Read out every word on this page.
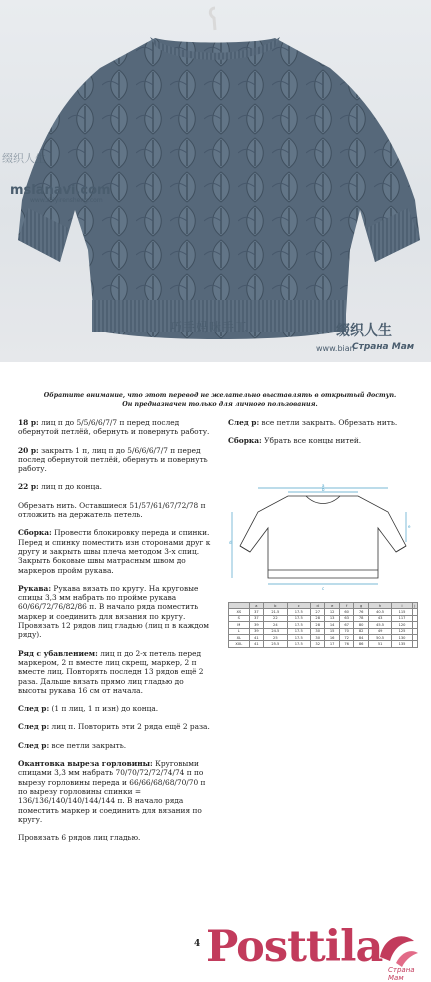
缀织人生
mslanavi.com
www.zhiyirensheng.com
巧手妈咪手工	缀织人生
www.bian
Страна Мам
Обратите внимание, что этот перевод не желательно выставлять в открытый доступ. Он предназначен только для личного пользования.

18 р: лиц п до 5/5/6/6/7/7 п перед послед обернутой петлёй, обернуть и повернуть работу.

20 р: закрыть 1 п, лиц п до 5/6/6/6/7/7 п перед послед обернутой петлёй, обернуть и повернуть работу.

22 р: лиц п до конца.

Обрезать нить. Оставшиеся 51/57/61/67/72/78 п отложить на держатель петель.

Сборка: Провести блокировку переда и спинки. Перед и спинку поместить изн сторонами друг к другу и закрыть швы плеча методом 3-х спиц. Закрыть боковые швы матрасным швом до маркеров пройм рукава.

Рукава: Рукава вязать по кругу. На круговые спицы 3,3 мм набрать по пройме рукава 60/66/72/76/82/86 п. В начало ряда поместить маркер и соединить для вязания по кругу. Провязать 12 рядов лиц гладью (лиц п в каждом ряду).

Ряд с убавлением: лиц п до 2-х петель перед маркером, 2 п вместе лиц скрещ, маркер, 2 п вместе лиц. Повторять последн 13 рядов ещё 2 раза. Дальше вязать прямо лиц гладью до высоты рукава 16 см от начала.

След р: (1 п лиц, 1 п изн) до конца.

След р: лиц п. Повторить эти 2 ряда ещё 2 раза.

След р: все петли закрыть.

Окантовка выреза горловины: Круговыми спицами 3,3 мм набрать 70/70/72/72/74/74 п по вырезу горловины переда и 66/66/68/68/70/70 п по вырезу горловины спинки = 136/136/140/140/144/144 п. В начало ряда поместить маркер и соединить для вязания по кругу.

Провязать 6 рядов лиц гладью.

След р: все петли закрыть. Обрезать нить.

Сборка: Убрать все концы нитей.

a
b
c
d
e
	a	b	c	d	e	f	g	h	i	j
XS	37	21.5	17.5	27	12	60	76	40.5	115	
S	37	22	17.5	28	13	63	78	43	117	
M	39	24	17.5	28	14	67	80	45.5	120	
L	39	24.5	17.5	30	15	70	82	49	125	
XL	41	25	17.5	30	16	72	84	50.5	130	
XXL	41	25.5	17.5	32	17	76	86	51	135	
4 Posttila Страна Мам
